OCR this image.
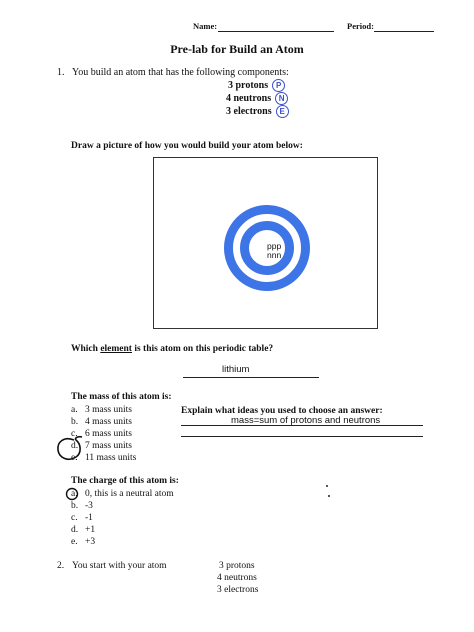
Name:	Period:
Pre-lab for Build an Atom
1. You build an atom that has the following components:
3 protons P
4 neutrons N
3 electrons E
Draw a picture of how you would build your atom below:
ppp
nnn
Which element is this atom on this periodic table?
lithium
The mass of this atom is:
a. 3 mass units
b. 4 mass units
c. 6 mass units
d. 7 mass units
e. 11 mass units
Explain what ideas you used to choose an answer:
mass=sum of protons and neutrons
The charge of this atom is:
a. 0, this is a neutral atom
b. -3
c. -1
d. +1
e. +3
2. You start with your atom	3 protons
4 neutrons
3 electrons
